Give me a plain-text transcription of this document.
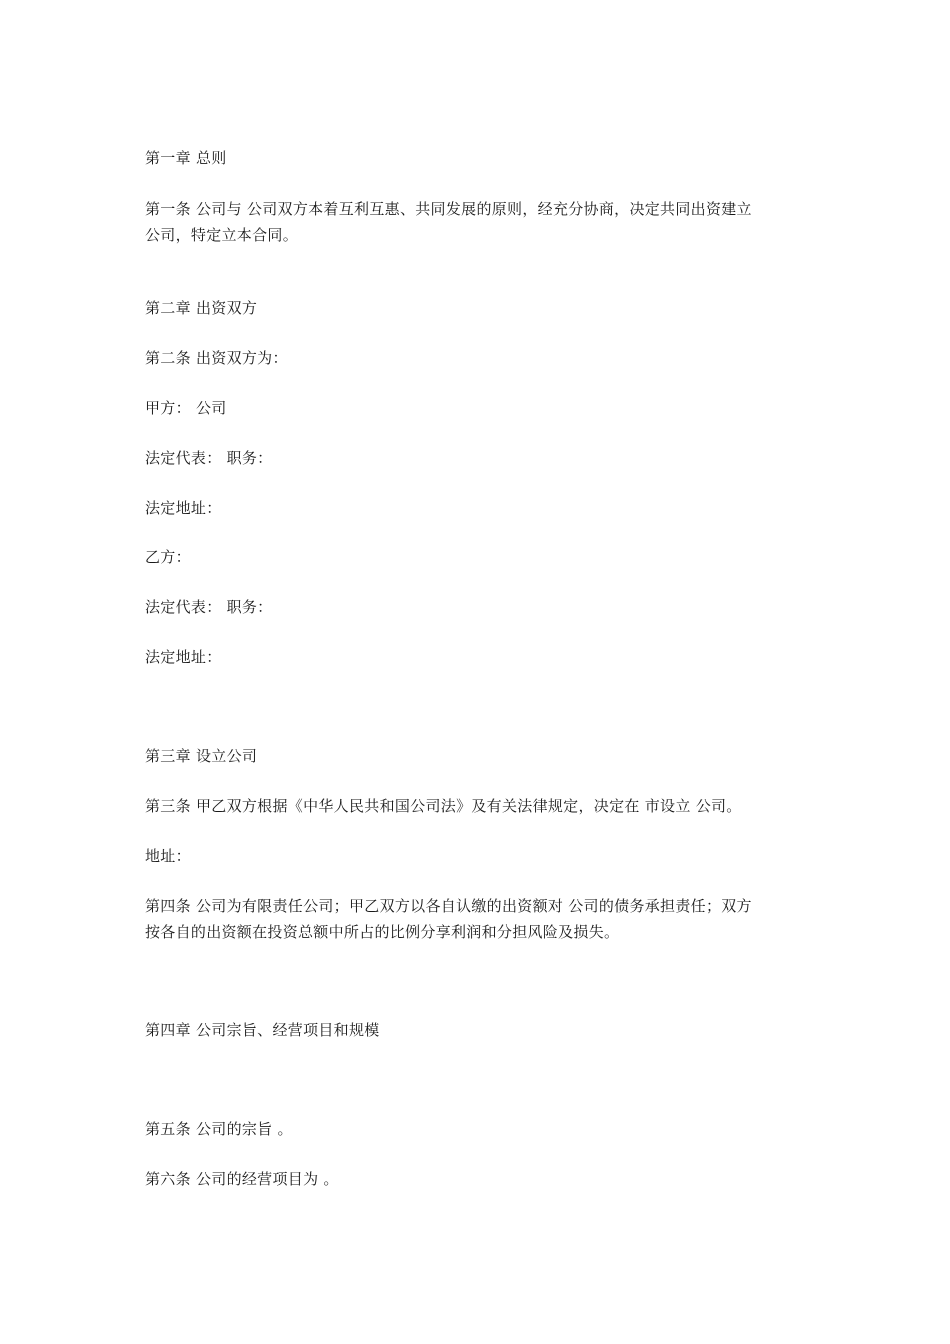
第一章 总则
第一条 公司与 公司双方本着互利互惠、共同发展的原则，经充分协商，决定共同出资建立
公司，特定立本合同。
第二章 出资双方
第二条 出资双方为：
甲方： 公司
法定代表： 职务：
法定地址：
乙方：
法定代表： 职务：
法定地址：
第三章 设立公司
第三条 甲乙双方根据《中华人民共和国公司法》及有关法律规定，决定在 市设立 公司。
地址：
第四条 公司为有限责任公司；甲乙双方以各自认缴的出资额对 公司的债务承担责任；双方
按各自的出资额在投资总额中所占的比例分享利润和分担风险及损失。
第四章 公司宗旨、经营项目和规模
第五条 公司的宗旨 。
第六条 公司的经营项目为 。
